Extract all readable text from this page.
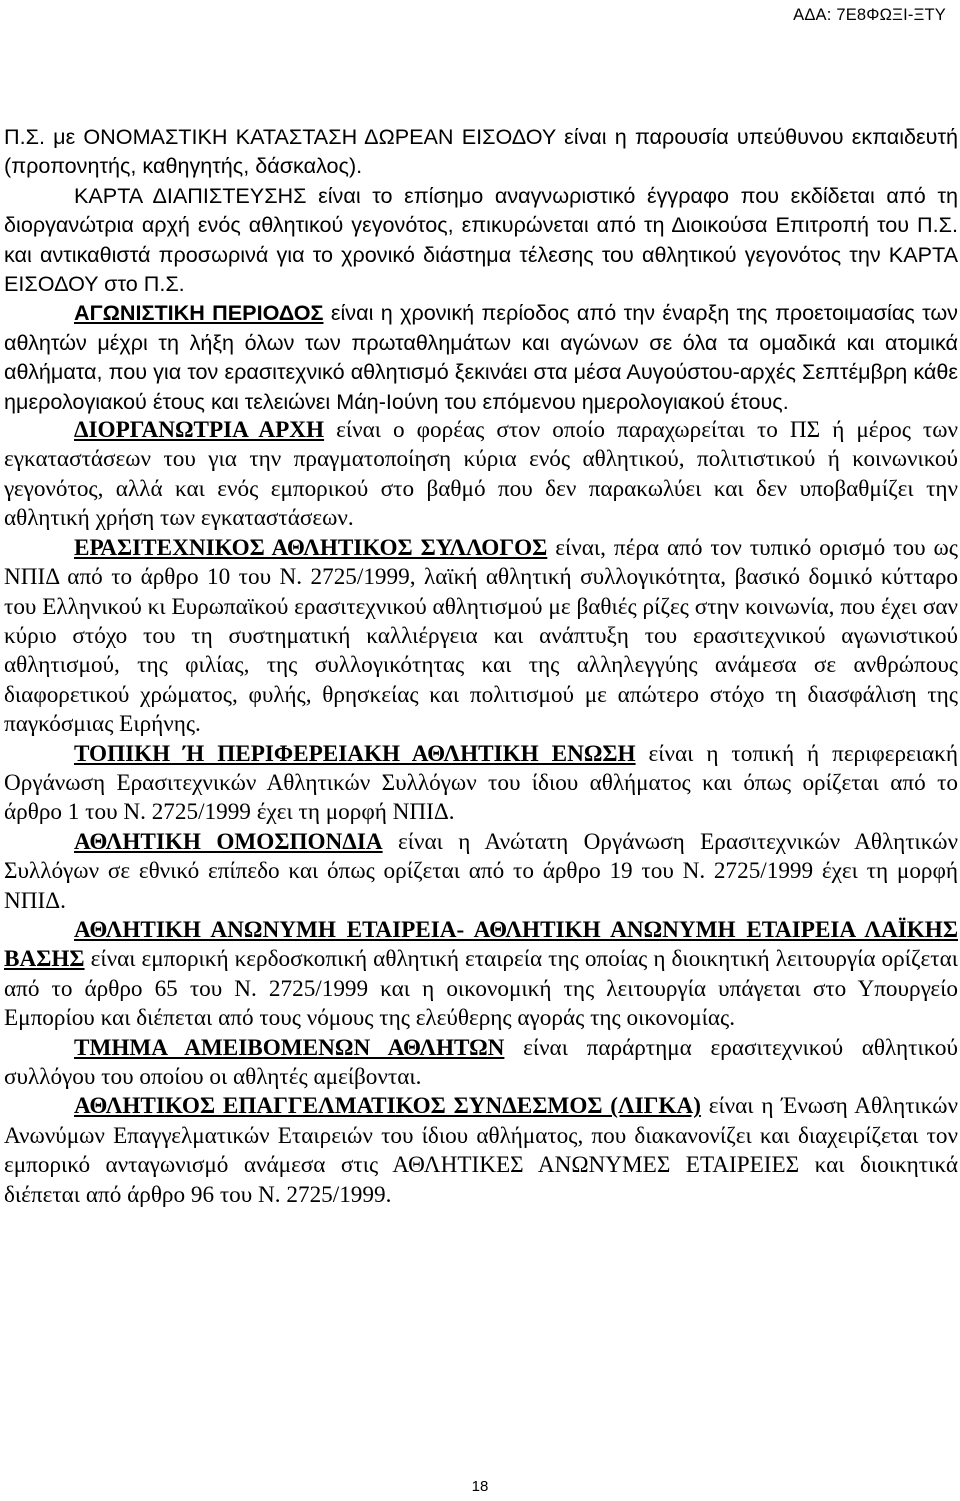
ΑΔΑ: 7Ε8ΦΩΞΙ-ΞΤΥ

Π.Σ. με ΟΝΟΜΑΣΤΙΚΗ ΚΑΤΑΣΤΑΣΗ ΔΩΡΕΑΝ ΕΙΣΟΔΟΥ είναι η παρουσία υπεύθυνου εκπαιδευτή (προπονητής, καθηγητής, δάσκαλος).

ΚΑΡΤΑ ΔΙΑΠΙΣΤΕΥΣΗΣ είναι το επίσημο αναγνωριστικό έγγραφο που εκδίδεται από τη διοργανώτρια αρχή ενός αθλητικού γεγονότος, επικυρώνεται από τη Διοικούσα Επιτροπή του Π.Σ. και αντικαθιστά προσωρινά για το χρονικό διάστημα τέλεσης του αθλητικού γεγονότος την ΚΑΡΤΑ ΕΙΣΟΔΟΥ στο Π.Σ.

ΑΓΩΝΙΣΤΙΚΗ ΠΕΡΙΟΔΟΣ είναι η χρονική περίοδος από την έναρξη της προετοιμασίας των αθλητών μέχρι τη λήξη όλων των πρωταθλημάτων και αγώνων σε όλα τα ομαδικά και ατομικά αθλήματα, που για τον ερασιτεχνικό αθλητισμό ξεκινάει στα μέσα Αυγούστου-αρχές Σεπτέμβρη κάθε ημερολογιακού έτους και τελειώνει Μάη-Ιούνη του επόμενου ημερολογιακού έτους.

ΔΙΟΡΓΑΝΩΤΡΙΑ ΑΡΧΗ είναι ο φορέας στον οποίο παραχωρείται το ΠΣ ή μέρος των εγκαταστάσεων του για την πραγματοποίηση κύρια ενός αθλητικού, πολιτιστικού ή κοινωνικού γεγονότος, αλλά και ενός εμπορικού στο βαθμό που δεν παρακωλύει και δεν υποβαθμίζει την αθλητική χρήση των εγκαταστάσεων.

ΕΡΑΣΙΤΕΧΝΙΚΟΣ ΑΘΛΗΤΙΚΟΣ ΣΥΛΛΟΓΟΣ είναι, πέρα από τον τυπικό ορισμό του ως ΝΠΙΔ από το άρθρο 10 του Ν. 2725/1999, λαϊκή αθλητική συλλογικότητα, βασικό δομικό κύτταρο του Ελληνικού κι Ευρωπαϊκού ερασιτεχνικού αθλητισμού με βαθιές ρίζες στην κοινωνία, που έχει σαν κύριο στόχο του τη συστηματική καλλιέργεια και ανάπτυξη του ερασιτεχνικού αγωνιστικού αθλητισμού, της φιλίας, της συλλογικότητας και της αλληλεγγύης ανάμεσα σε ανθρώπους διαφορετικού χρώματος, φυλής, θρησκείας και πολιτισμού με απώτερο στόχο τη διασφάλιση της παγκόσμιας Ειρήνης.

ΤΟΠΙΚΗ Ή ΠΕΡΙΦΕΡΕΙΑΚΗ ΑΘΛΗΤΙΚΗ ΕΝΩΣΗ είναι η τοπική ή περιφερειακή Οργάνωση Ερασιτεχνικών Αθλητικών Συλλόγων του ίδιου αθλήματος και όπως ορίζεται από το άρθρο 1 του Ν. 2725/1999 έχει τη μορφή ΝΠΙΔ.

ΑΘΛΗΤΙΚΗ ΟΜΟΣΠΟΝΔΙΑ είναι η Ανώτατη Οργάνωση Ερασιτεχνικών Αθλητικών Συλλόγων σε εθνικό επίπεδο και όπως ορίζεται από το άρθρο 19 του Ν. 2725/1999 έχει τη μορφή ΝΠΙΔ.

ΑΘΛΗΤΙΚΗ ΑΝΩΝΥΜΗ ΕΤΑΙΡΕΙΑ- ΑΘΛΗΤΙΚΗ ΑΝΩΝΥΜΗ ΕΤΑΙΡΕΙΑ ΛΑΪΚΗΣ ΒΑΣΗΣ είναι εμπορική κερδοσκοπική αθλητική εταιρεία της οποίας η διοικητική λειτουργία ορίζεται από το άρθρο 65 του Ν. 2725/1999 και η οικονομική της λειτουργία υπάγεται στο Υπουργείο Εμπορίου και διέπεται από τους νόμους της ελεύθερης αγοράς της οικονομίας.

ΤΜΗΜΑ ΑΜΕΙΒΟΜΕΝΩΝ ΑΘΛΗΤΩΝ είναι παράρτημα ερασιτεχνικού αθλητικού συλλόγου του οποίου οι αθλητές αμείβονται.

ΑΘΛΗΤΙΚΟΣ ΕΠΑΓΓΕΛΜΑΤΙΚΟΣ ΣΥΝΔΕΣΜΟΣ (ΛΙΓΚΑ) είναι η Ένωση Αθλητικών Ανωνύμων Επαγγελματικών Εταιρειών του ίδιου αθλήματος, που διακανονίζει και διαχειρίζεται τον εμπορικό ανταγωνισμό ανάμεσα στις ΑΘΛΗΤΙΚΕΣ ΑΝΩΝΥΜΕΣ ΕΤΑΙΡΕΙΕΣ και διοικητικά διέπεται από άρθρο 96 του Ν. 2725/1999.

18
